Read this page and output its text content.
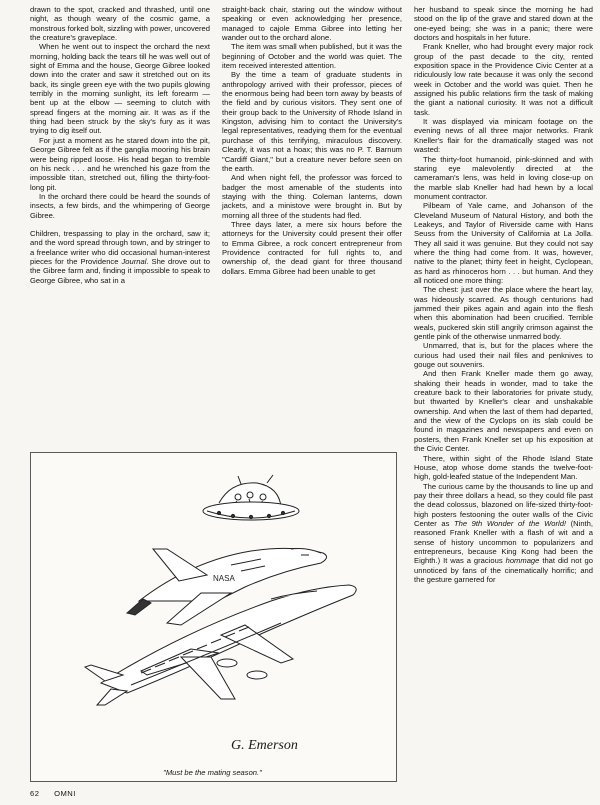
drawn to the spot, cracked and thrashed, until one night, as though weary of the cosmic game, a monstrous forked bolt, sizzling with power, uncovered the creature's graveplace.

When he went out to inspect the orchard the next morning, holding back the tears till he was well out of sight of Emma and the house, George Gibree looked down into the crater and saw it stretched out on its back, its single green eye with the two pupils glowing terribly in the morning sunlight, its left forearm — bent up at the elbow — seeming to clutch with spread fingers at the morning air. It was as if the thing had been struck by the sky's fury as it was trying to dig itself out.

For just a moment as he stared down into the pit, George Gibree felt as if the ganglia mooring his brain were being ripped loose. His head began to tremble on his neck . . . and he wrenched his gaze from the impossible titan, stretched out, filling the thirty-foot-long pit.

In the orchard there could be heard the sounds of insects, a few birds, and the whimpering of George Gibree.

Children, trespassing to play in the orchard, saw it; and the word spread through town, and by stringer to a freelance writer who did occasional human-interest pieces for the Providence Journal. She drove out to the Gibree farm and, finding it impossible to speak to George Gibree, who sat in a

straight-back chair, staring out the window without speaking or even acknowledging her presence, managed to cajole Emma Gibree into letting her wander out to the orchard alone.

The item was small when published, but it was the beginning of October and the world was quiet. The item received interested attention.

By the time a team of graduate students in anthropology arrived with their professor, pieces of the enormous being had been torn away by beasts of the field and by curious visitors. They sent one of their group back to the University of Rhode Island in Kingston, advising him to contact the University's legal representatives, readying them for the eventual purchase of this terrifying, miraculous discovery. Clearly, it was not a hoax; this was no P. T. Barnum "Cardiff Giant," but a creature never before seen on the earth.

And when night fell, the professor was forced to badger the most amenable of the students into staying with the thing. Coleman lanterns, down jackets, and a ministove were brought in. But by morning all three of the students had fled.

Three days later, a mere six hours before the attorneys for the University could present their offer to Emma Gibree, a rock concert entrepreneur from Providence contracted for full rights to, and ownership of, the dead giant for three thousand dollars. Emma Gibree had been unable to get

her husband to speak since the morning he had stood on the lip of the grave and stared down at the one-eyed being; she was in a panic; there were doctors and hospitals in her future.

Frank Kneller, who had brought every major rock group of the past decade to the city, rented exposition space in the Providence Civic Center at a ridiculously low rate because it was only the second week in October and the world was quiet. Then he assigned his public relations firm the task of making the giant a national curiosity. It was not a difficult task.

It was displayed via minicam footage on the evening news of all three major networks. Frank Kneller's flair for the dramatically staged was not wasted:

The thirty-foot humanoid, pink-skinned and with staring eye malevolently directed at the cameraman's lens, was held in loving close-up on the marble slab Kneller had had hewn by a local monument contractor.

Pilbeam of Yale came, and Johanson of the Cleveland Museum of Natural History, and both the Leakeys, and Taylor of Riverside came with Hans Seuss from the University of California at La Jolla. They all said it was genuine. But they could not say where the thing had come from. It was, however, native to the planet; thirty feet in height, Cyclopean, as hard as rhinoceros horn . . . but human. And they all noticed one more thing:

The chest: just over the place where the heart lay, was hideously scarred. As though centurions had jammed their pikes again and again into the flesh when this abomination had been crucified. Terrible weals, puckered skin still angrily crimson against the gentle pink of the otherwise unmarred body.

Unmarred, that is, but for the places where the curious had used their nail files and penknives to gouge out souvenirs.

And then Frank Kneller made them go away, shaking their heads in wonder, mad to take the creature back to their laboratories for private study, but thwarted by Kneller's clear and unshakable ownership. And when the last of them had departed, and the view of the Cyclops on its slab could be found in magazines and newspapers and even on posters, then Frank Kneller set up his exposition at the Civic Center.

There, within sight of the Rhode Island State House, atop whose dome stands the twelve-foot-high, gold-leafed statue of the Independent Man.

The curious came by the thousands to line up and pay their three dollars a head, so they could file past the dead colossus, blazoned on life-sized thirty-foot-high posters festooning the outer walls of the Civic Center as The 9th Wonder of the World! (Ninth, reasoned Frank Kneller with a flash of wit and a sense of history uncommon to popularizers and entrepreneurs, because King Kong had been the Eighth.) It was a gracious hommage that did not go unnoticed by fans of the cinematically horrific; and the gesture garnered for

NASA
G. Emerson
"Must be the mating season."
62 OMNI
